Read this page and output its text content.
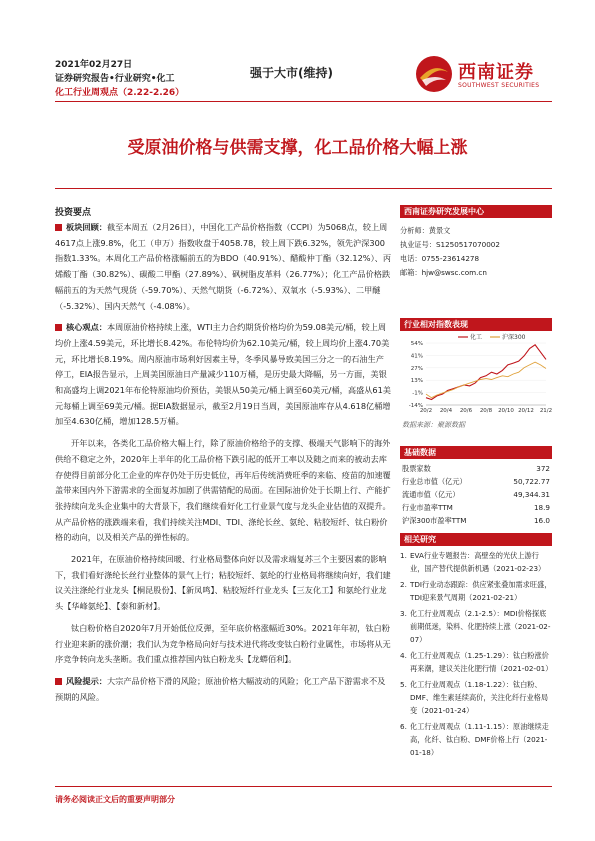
2021年02月27日
证券研究报告•行业研究•化工
化工行业周观点（2.22-2.26）
强于大市(维持)	西南证券
SOUTHWEST SECURITIES
受原油价格与供需支撑，化工品价格大幅上涨
投资要点

板块回顾：截至本周五（2月26日），中国化工产品价格指数（CCPI）为5068点，较上周4617点上涨9.8%，化工（申万）指数收盘于4058.78，较上周下跌6.32%，领先沪深300指数1.33%。本周化工产品价格涨幅前五的为BDO（40.91%）、醋酸仲丁酯（32.12%）、丙烯酸丁酯（30.82%）、碳酸二甲酯（27.89%）、砜树脂皮革料（26.77%）；化工产品价格跌幅前五的为天然气现货（-59.70%）、天然气期货（-6.72%）、双氧水（-5.93%）、二甲醚（-5.32%）、国内天然气（-4.08%）。

核心观点：本周原油价格持续上涨，WTI主力合约期货价格均价为59.08美元/桶，较上周均价上涨4.59美元，环比增长8.42%。布伦特均价为62.10美元/桶，较上周均价上涨4.70美元，环比增长8.19%。周内原油市场利好因素主导，冬季风暴导致美国三分之一的石油生产停工，EIA报告显示，上周美国原油日产量减少110万桶，是历史最大降幅，另一方面，美银和高盛均上调2021年布伦特原油均价预估，美银从50美元/桶上调至60美元/桶，高盛从61美元每桶上调至69美元/桶。据EIA数据显示，截至2月19日当周，美国原油库存从4.618亿桶增加至4.630亿桶，增加128.5万桶。

开年以来，各类化工品价格大幅上行，除了原油价格给予的支撑、极端天气影响下的海外供给不稳定之外，2020年上半年的化工品价格下跌引起的低开工率以及随之而来的被动去库存使得目前部分化工企业的库存仍处于历史低位，再年后传统消费旺季的来临、疫苗的加速覆盖带来国内外下游需求的全面复苏加剧了供需错配的局面。在国际油价处于长期上行、产能扩张持续向龙头企业集中的大背景下，我们继续看好化工行业景气度与龙头企业估值的双提升。从产品价格的涨跌端来看，我们持续关注MDI、TDI、涤纶长丝、氨纶、粘胶短纤、钛白粉价格的动向，以及相关产品的弹性标的。

2021年，在原油价格持续回暖、行业格局整体向好以及需求端复苏三个主要因素的影响下，我们看好涤纶长丝行业整体的景气上行；粘胶短纤、氨纶的行业格局将继续向好，我们建议关注涤纶行业龙头【桐昆股份】、【新凤鸣】、粘胶短纤行业龙头【三友化工】和氨纶行业龙头【华峰氨纶】、【泰和新材】。

钛白粉价格自2020年7月开始低位反弹，至年底价格涨幅近30%。2021年年初，钛白粉行业迎来新的涨价潮；我们认为竞争格局向好与技术进代将改变钛白粉行业属性，市场将从无序竞争转向龙头垄断。我们重点推荐国内钛白粉龙头【龙蟒佰利】。

风险提示：大宗产品价格下滑的风险；原油价格大幅波动的风险；化工产品下游需求不及预期的风险。

西南证券研究发展中心
分析师：黄景文
执业证号：S1250517070002
电话：0755-23614278
邮箱：hjw@swsc.com.cn
行业相对指数表现
54%
41%
27%
13%
-1%
-14%
20/2 20/4 20/6 20/8 20/10 20/12 21/2
化工	沪深300
数据来源：聚源数据
基础数据
股票家数	372
行业总市值（亿元）	50,722.77
流通市值（亿元）	49,344.31
行业市盈率TTM	18.9
沪深300市盈率TTM	16.0
相关研究
1. EVA行业专题报告：高壁垒的光伏上游行业，国产替代提供新机遇（2021-02-23）
2. TDI行业动态跟踪：供应紧张叠加需求旺盛，TDI迎来景气周期（2021-02-21）
3. 化工行业周观点（2.1-2.5）：MDI价格探底前期低迷，染料、化肥持续上涨（2021-02-07）
4. 化工行业周观点（1.25-1.29）：钛白粉涨价再来潮，建议关注化肥行情（2021-02-01）
5. 化工行业周观点（1.18-1.22）：钛白粉、DMF、维生素延续高价，关注化纤行业格局变（2021-01-24）
6. 化工行业周观点（1.11-1.15）：原油继续走高，化纤、钛白粉、DMF价格上行（2021-01-18）
请务必阅读正文后的重要声明部分
